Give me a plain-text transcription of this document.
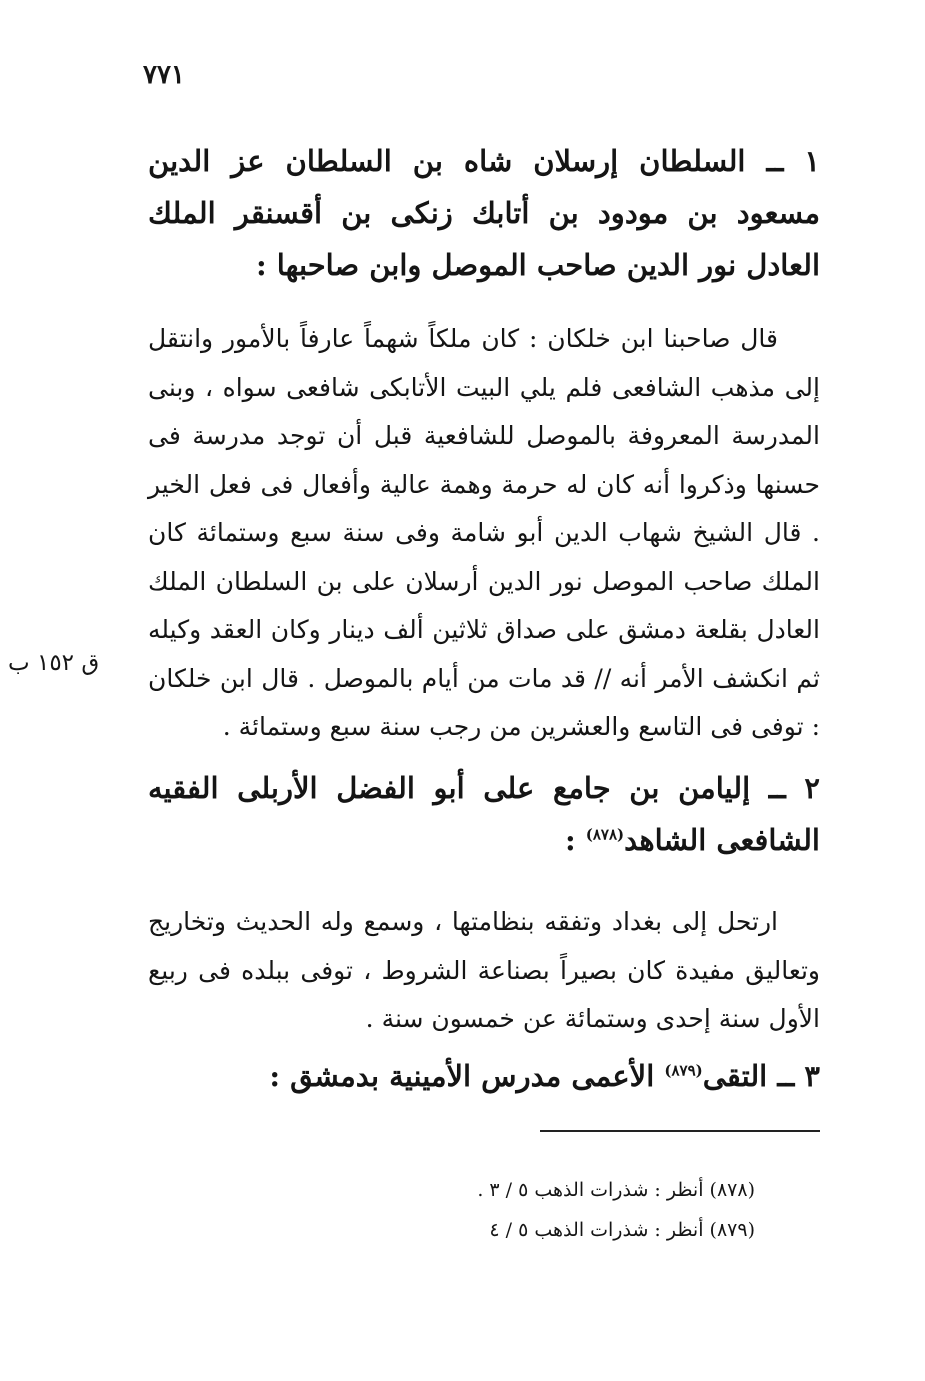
٧٧١
١ ــ السلطان إرسلان شاه بن السلطان عز الدين مسعود بن مودود بن أتابك زنكى بن أقسنقر الملك العادل نور الدين صاحب الموصل وابن صاحبها :
قال صاحبنا ابن خلكان : كان ملكاً شهماً عارفاً بالأمور وانتقل إلى مذهب الشافعى فلم يلي البيت الأتابكى شافعى سواه ، وبنى المدرسة المعروفة بالموصل للشافعية قبل أن توجد مدرسة فى حسنها وذكروا أنه كان له حرمة وهمة عالية وأفعال فى فعل الخير . قال الشيخ شهاب الدين أبو شامة وفى سنة سبع وستمائة كان الملك صاحب الموصل نور الدين أرسلان على بن السلطان الملك العادل بقلعة دمشق على صداق ثلاثين ألف دينار وكان العقد وكيله ثم انكشف الأمر أنه // قد مات من أيام بالموصل . قال ابن خلكان : توفى فى التاسع والعشرين من رجب سنة سبع وستمائة .
ق ١٥٢ ب
٢ ــ إليامن بن جامع على أبو الفضل الأربلى الفقيه الشافعى الشاهد$^{(٨٧٨)}$ :
ارتحل إلى بغداد وتفقه بنظامتها ، وسمع وله الحديث وتخاريج وتعاليق مفيدة كان بصيراً بصناعة الشروط ، توفى ببلده فى ربيع الأول سنة إحدى وستمائة عن خمسون سنة .
٣ ــ التقى$^{(٨٧٩)}$ الأعمى مدرس الأمينية بدمشق :
(٨٧٨) أنظر : شذرات الذهب ٥ / ٣ .
(٨٧٩) أنظر : شذرات الذهب ٥ / ٤
